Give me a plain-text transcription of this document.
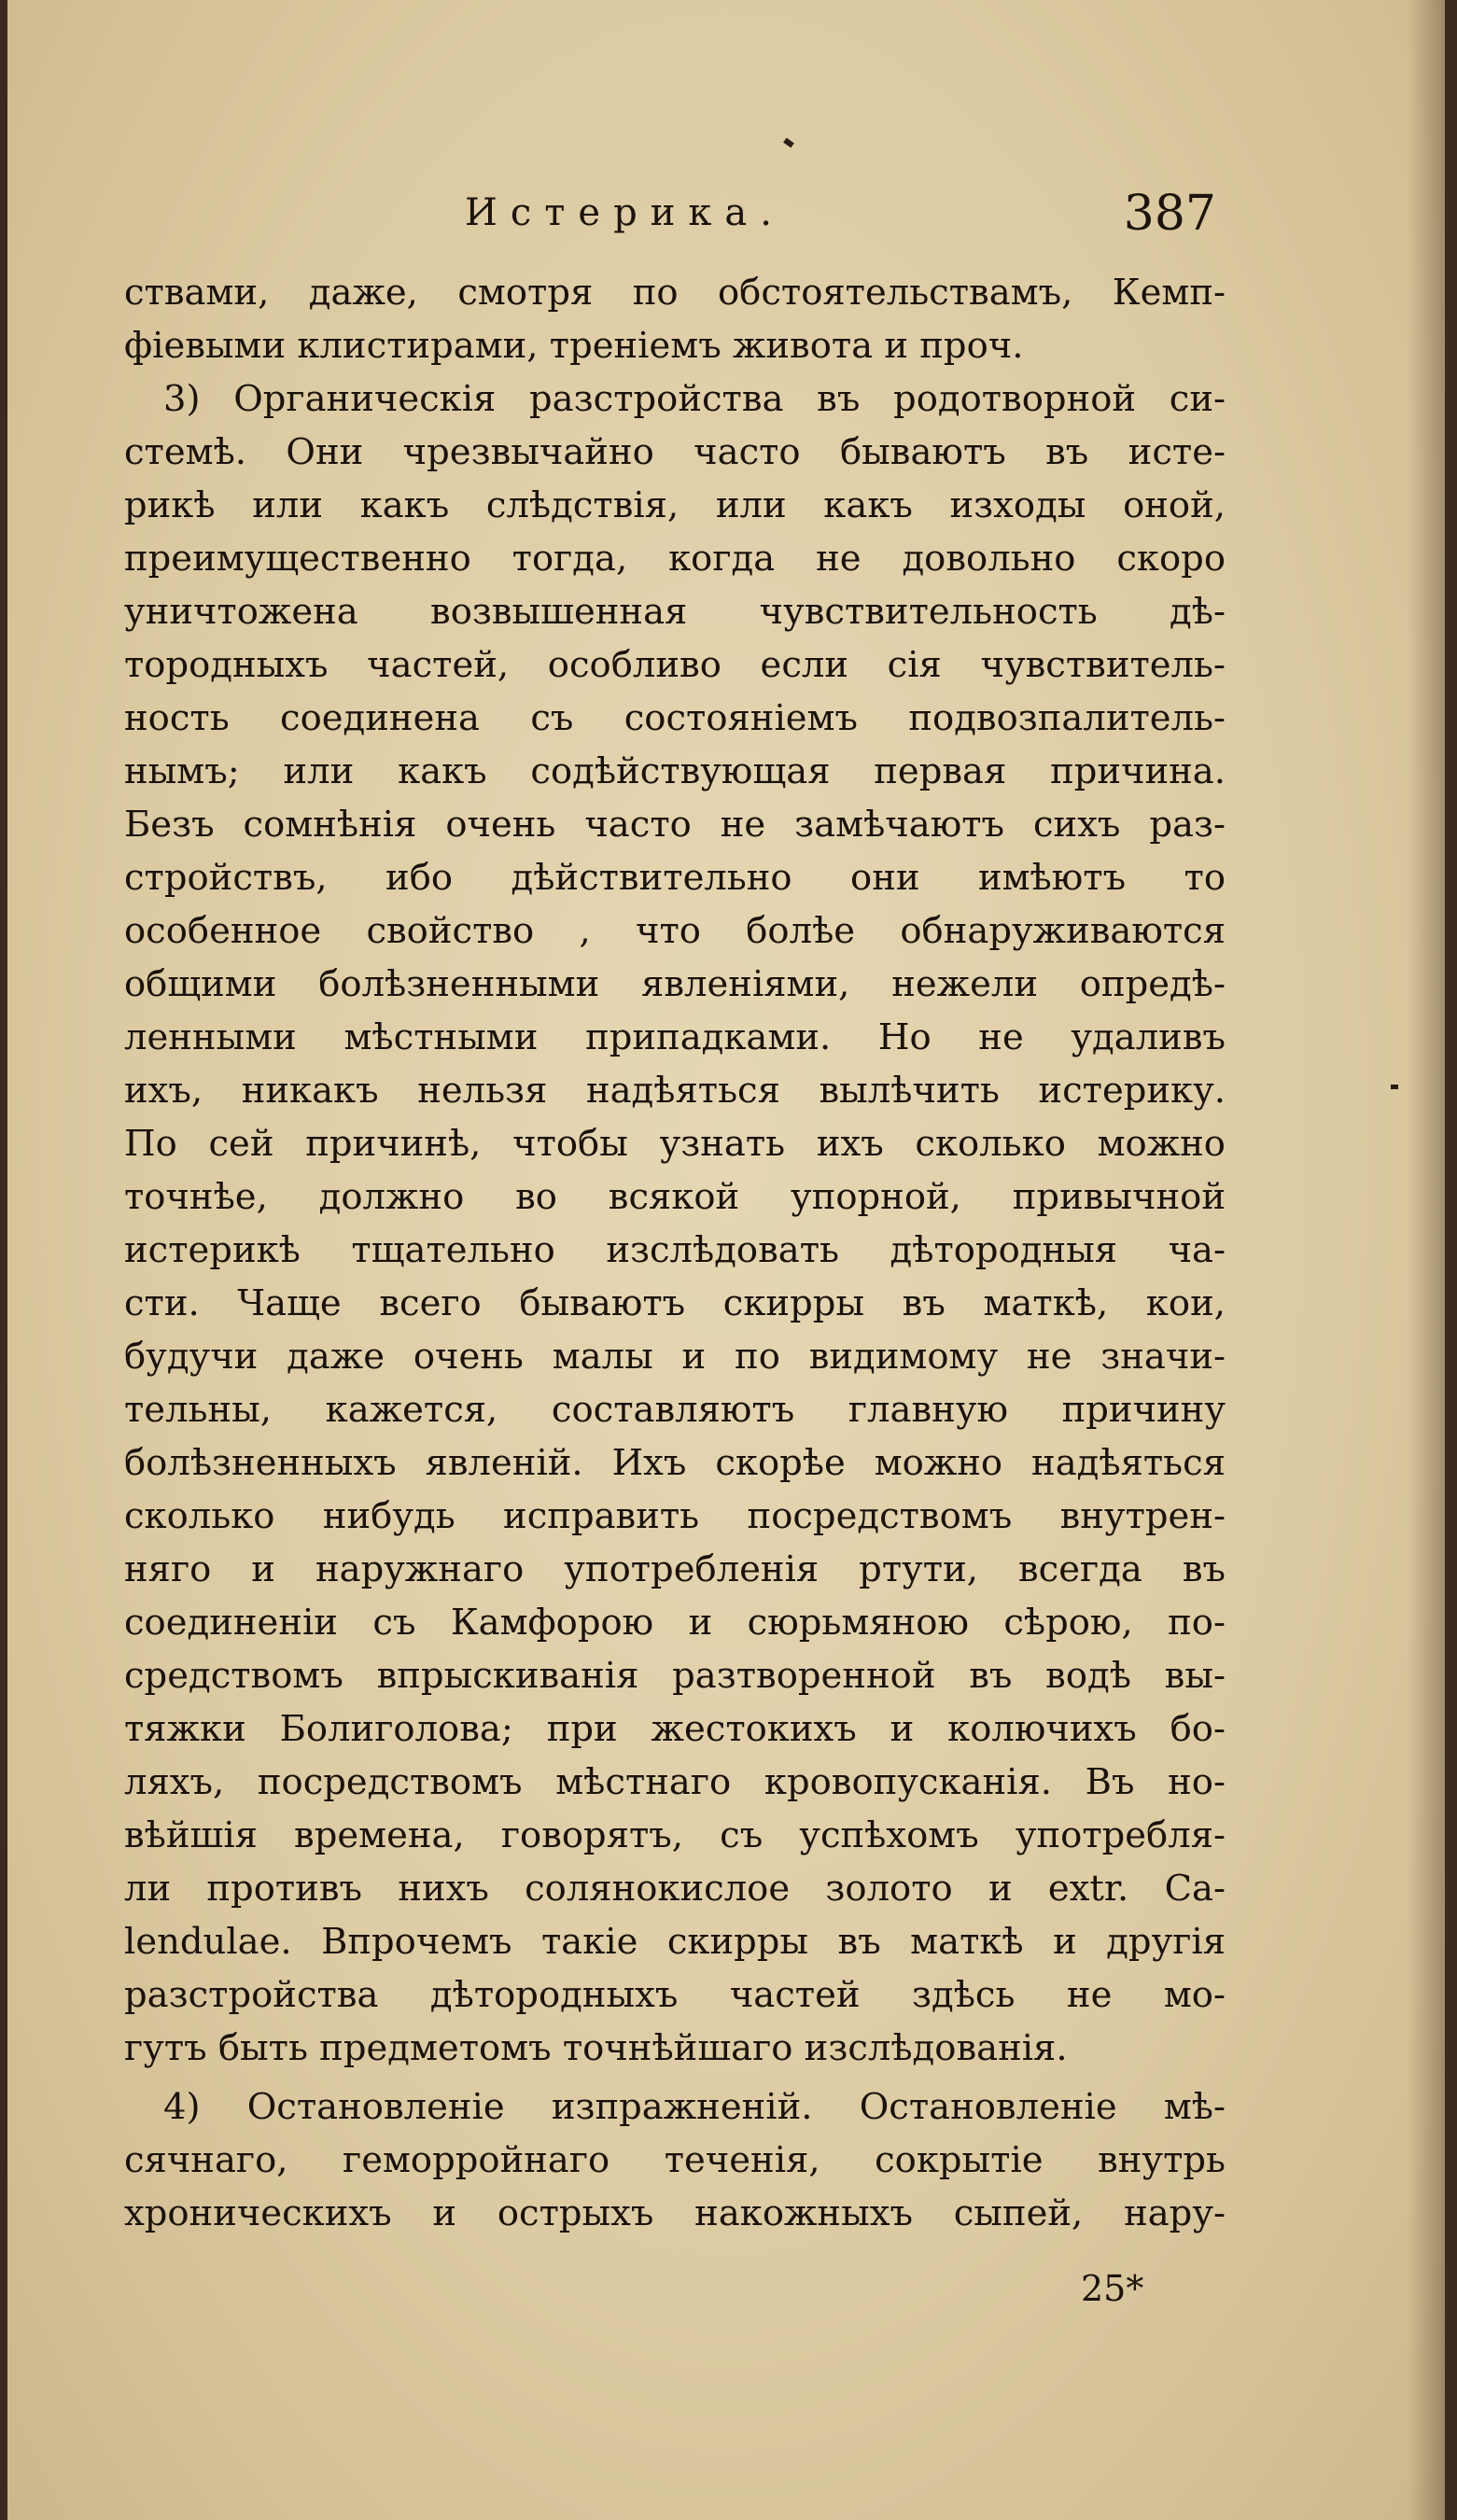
Истерика.	387
ствами, даже, смотря по обстоятельствамъ, Кемп-
фіевыми клистирами, треніемъ живота и проч.
3) Органическія разстройства въ родотворной си-
стемѣ. Они чрезвычайно часто бываютъ въ исте-
рикѣ или какъ слѣдствія, или какъ изходы оной,
преимущественно тогда, когда не довольно скоро
уничтожена возвышенная чувствительность дѣ-
тородныхъ частей, особливо если сія чувствитель-
ность соединена съ состояніемъ подвозпалитель-
нымъ; или какъ содѣйствующая первая причина.
Безъ сомнѣнія очень часто не замѣчаютъ сихъ раз-
стройствъ, ибо дѣйствительно они имѣютъ то
особенное свойство , что болѣе обнаруживаются
общими болѣзненными явленіями, нежели опредѣ-
ленными мѣстными припадками. Но не удаливъ
ихъ, никакъ нельзя надѣяться вылѣчить истерику.
По сей причинѣ, чтобы узнать ихъ сколько можно
точнѣе, должно во всякой упорной, привычной
истерикѣ тщательно изслѣдовать дѣтородныя ча-
сти. Чаще всего бываютъ скирры въ маткѣ, кои,
будучи даже очень малы и по видимому не значи-
тельны, кажется, составляютъ главную причину
болѣзненныхъ явленій. Ихъ скорѣе можно надѣяться
сколько нибудь исправить посредствомъ внутрен-
няго и наружнаго употребленія ртути, всегда въ
соединеніи съ Камфорою и сюрьмяною сѣрою, по-
средствомъ впрыскиванія разтворенной въ водѣ вы-
тяжки Болиголова; при жестокихъ и колючихъ бо-
ляхъ, посредствомъ мѣстнаго кровопусканія. Въ но-
вѣйшія времена, говорятъ, съ успѣхомъ употребля-
ли противъ нихъ солянокислое золото и extr. Ca-
lendulae. Впрочемъ такіе скирры въ маткѣ и другія
разстройства дѣтородныхъ частей здѣсь не мо-
гутъ быть предметомъ точнѣйшаго изслѣдованія.
4) Остановленіе изпражненій. Остановленіе мѣ-
сячнаго, геморройнаго теченія, сокрытіе внутрь
хроническихъ и острыхъ накожныхъ сыпей, нару-
25*
